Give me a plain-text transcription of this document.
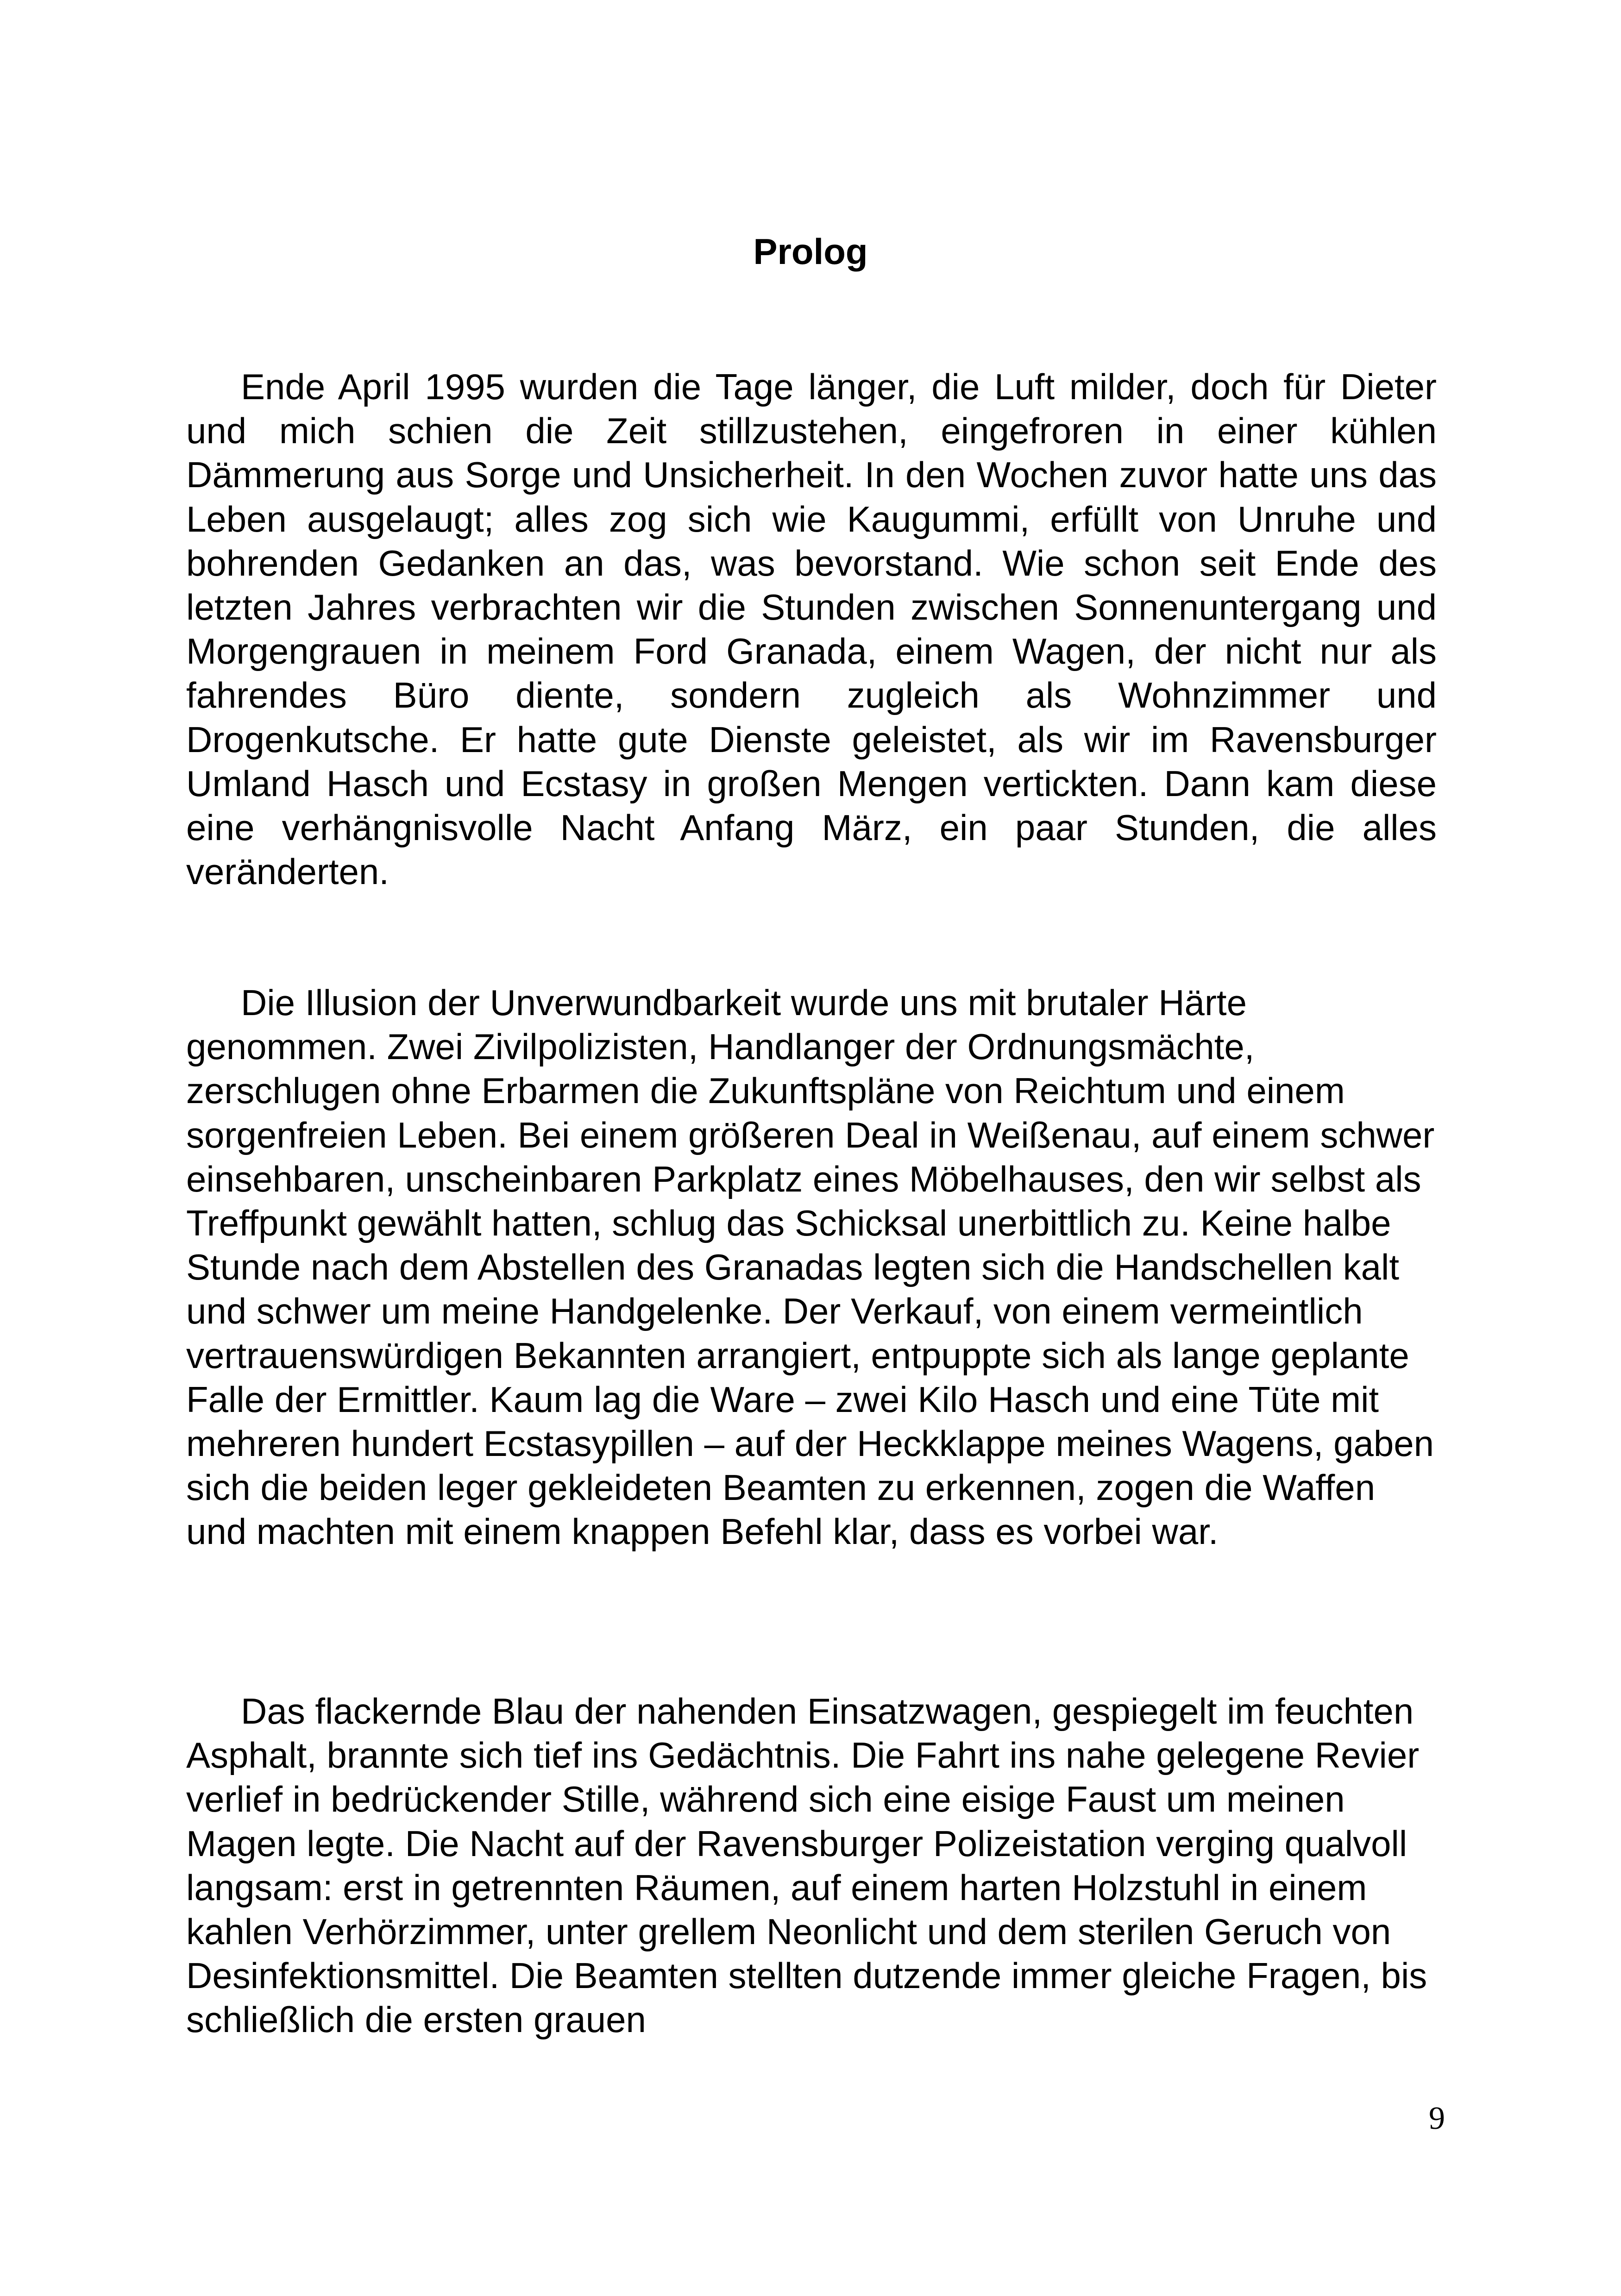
Prolog

Ende April 1995 wurden die Tage länger, die Luft milder, doch für Dieter und mich schien die Zeit stillzustehen, eingefroren in einer kühlen Dämmerung aus Sorge und Unsicherheit. In den Wochen zuvor hatte uns das Leben ausgelaugt; alles zog sich wie Kaugummi, erfüllt von Unruhe und bohrenden Gedanken an das, was bevorstand. Wie schon seit Ende des letzten Jahres verbrachten wir die Stunden zwischen Sonnenuntergang und Morgengrauen in meinem Ford Granada, einem Wagen, der nicht nur als fahrendes Büro diente, sondern zugleich als Wohnzimmer und Drogenkutsche. Er hatte gute Dienste geleistet, als wir im Ravensburger Umland Hasch und Ecstasy in großen Mengen vertickten. Dann kam diese eine verhängnisvolle Nacht Anfang März, ein paar Stunden, die alles veränderten.

Die Illusion der Unverwundbarkeit wurde uns mit brutaler Härte genommen. Zwei Zivilpolizisten, Handlanger der Ordnungsmächte, zerschlugen ohne Erbarmen die Zukunftspläne von Reichtum und einem sorgenfreien Leben. Bei einem größeren Deal in Weißenau, auf einem schwer einsehbaren, unscheinbaren Parkplatz eines Möbelhauses, den wir selbst als Treffpunkt gewählt hatten, schlug das Schicksal unerbittlich zu. Keine halbe Stunde nach dem Abstellen des Granadas legten sich die Handschellen kalt und schwer um meine Handgelenke. Der Verkauf, von einem vermeintlich vertrauenswürdigen Bekannten arrangiert, entpuppte sich als lange geplante Falle der Ermittler. Kaum lag die Ware – zwei Kilo Hasch und eine Tüte mit mehreren hundert Ecstasypillen – auf der Heckklappe meines Wagens, gaben sich die beiden leger gekleideten Beamten zu erkennen, zogen die Waffen und machten mit einem knappen Befehl klar, dass es vorbei war.

Das flackernde Blau der nahenden Einsatzwagen, gespiegelt im feuchten Asphalt, brannte sich tief ins Gedächtnis. Die Fahrt ins nahe gelegene Revier verlief in bedrückender Stille, während sich eine eisige Faust um meinen Magen legte. Die Nacht auf der Ravensburger Polizeistation verging qualvoll langsam: erst in getrennten Räumen, auf einem harten Holzstuhl in einem kahlen Verhörzimmer, unter grellem Neonlicht und dem sterilen Geruch von Desinfektionsmittel. Die Beamten stellten dutzende immer gleiche Fragen, bis schließlich die ersten grauen

9
